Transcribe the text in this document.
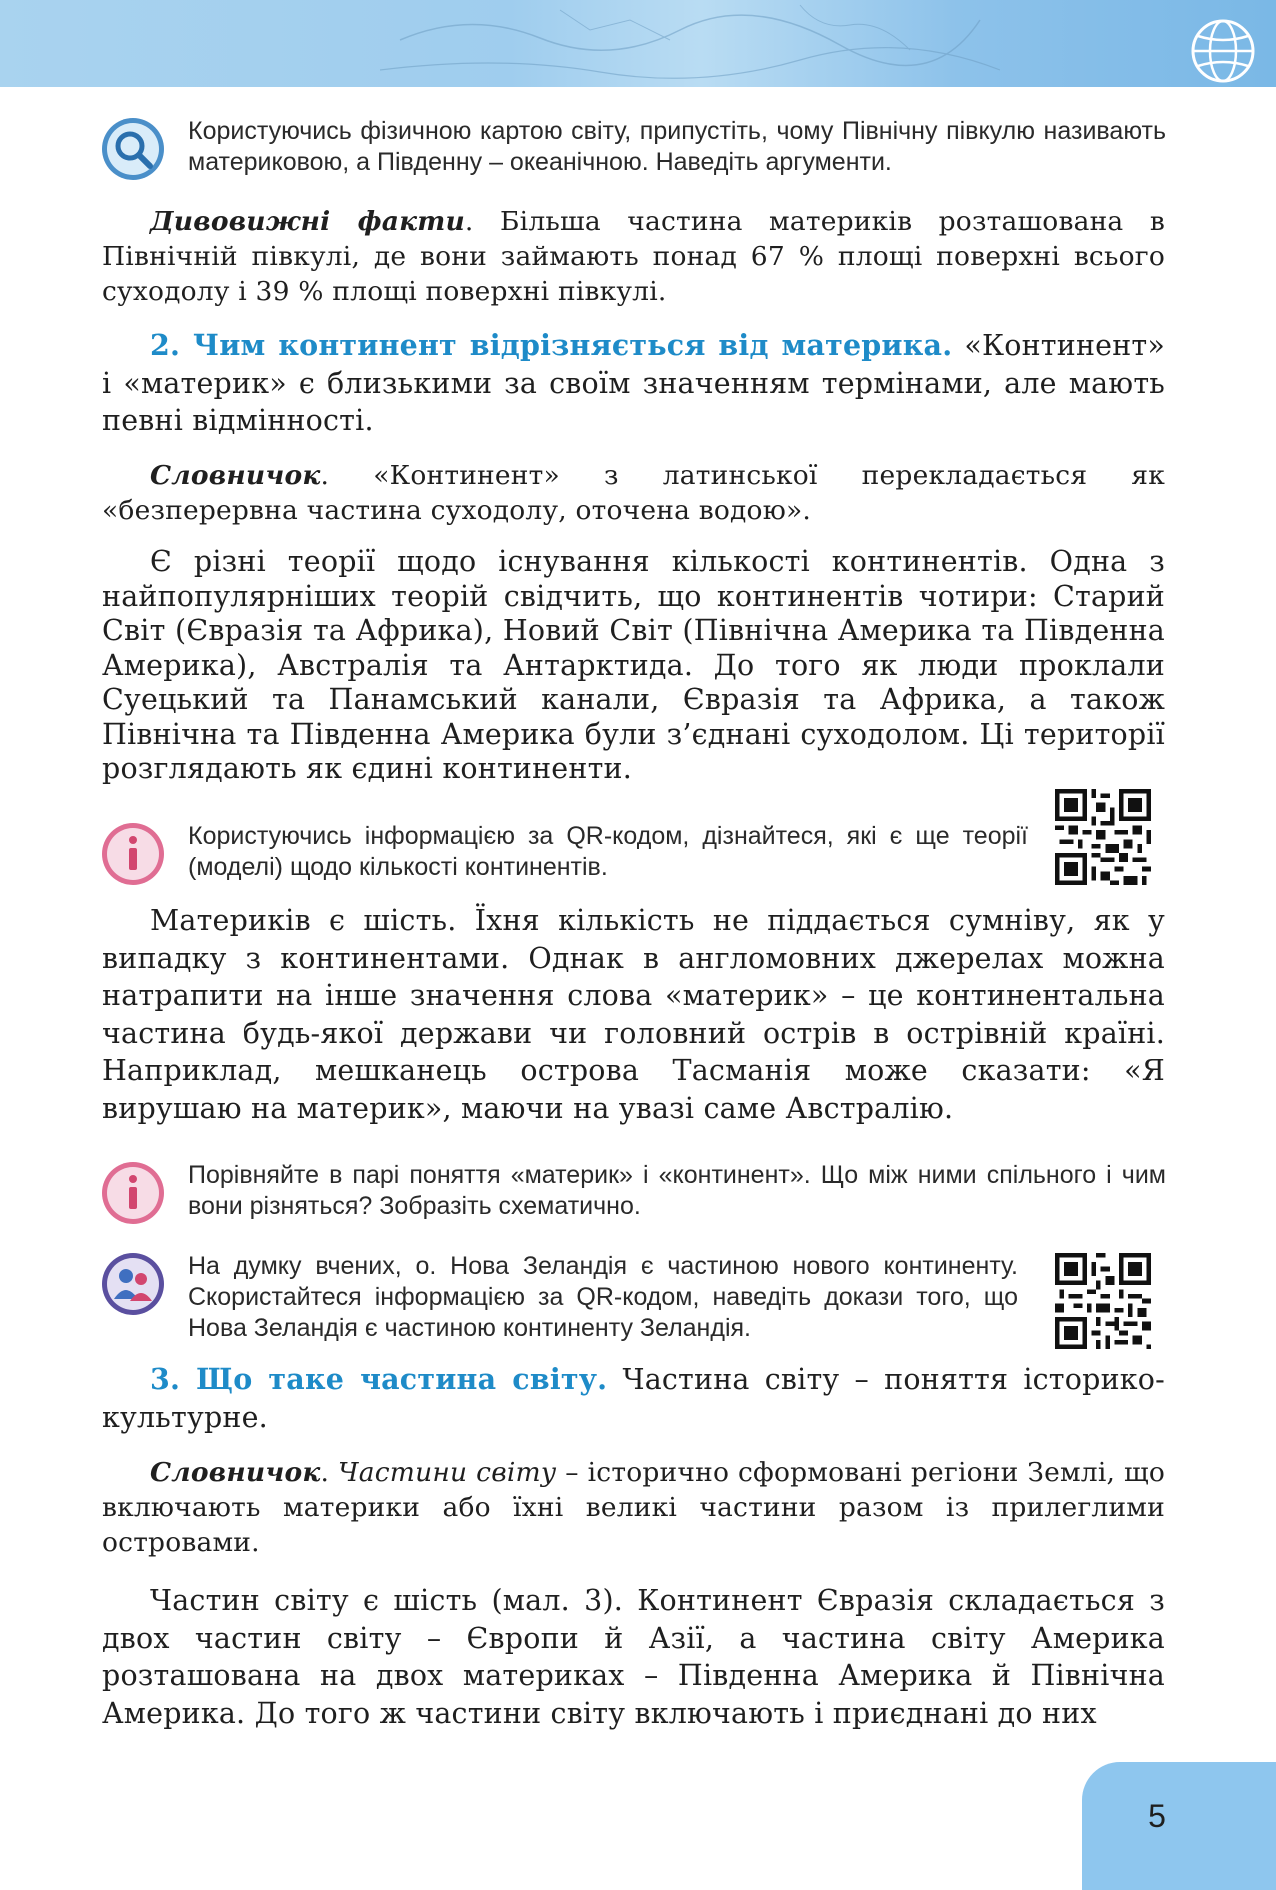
Користуючись фізичною картою світу, припустіть, чому Північну півкулю називають материковою, а Південну – океанічною. Наведіть аргументи.
Дивовижні факти. Більша частина материків розташована в Північній півкулі, де вони займають понад 67 % площі поверхні всього суходолу і 39 % площі поверхні півкулі.
2. Чим континент відрізняється від материка. «Континент» і «материк» є близькими за своїм значенням термінами, але мають певні відмінності.
Словничок. «Континент» з латинської перекладається як «безперервна частина суходолу, оточена водою».
Є різні теорії щодо існування кількості континентів. Одна з найпопулярніших теорій свідчить, що континентів чотири: Старий Світ (Євразія та Африка), Новий Світ (Північна Америка та Південна Америка), Австралія та Антарктида. До того як люди проклали Суецький та Панамський канали, Євразія та Африка, а також Північна та Південна Америка були з’єднані суходолом. Ці території розглядають як єдині континенти.
Користуючись інформацією за QR-кодом, дізнайтеся, які є ще теорії (моделі) щодо кількості континентів.
Материків є шість. Їхня кількість не піддається сумніву, як у випадку з континентами. Однак в англомовних джерелах можна натрапити на інше значення слова «материк» – це континентальна частина будь-якої держави чи головний острів в острівній країні. Наприклад, мешканець острова Тасманія може сказати: «Я вирушаю на материк», маючи на увазі саме Австралію.
Порівняйте в парі поняття «материк» і «континент». Що між ними спільного і чим вони різняться? Зобразіть схематично.
На думку вчених, о. Нова Зеландія є частиною нового континенту. Скористайтеся інформацією за QR-кодом, наведіть докази того, що Нова Зеландія є частиною континенту Зеландія.
3. Що таке частина світу. Частина світу – поняття історико-культурне.
Словничок. Частини світу – історично сформовані регіони Землі, що включають материки або їхні великі частини разом із прилеглими островами.
Частин світу є шість (мал. 3). Континент Євразія складається з двох частин світу – Європи й Азії, а частина світу Америка розташована на двох материках – Південна Америка й Північна Америка. До того ж частини світу включають і приєднані до них
5
